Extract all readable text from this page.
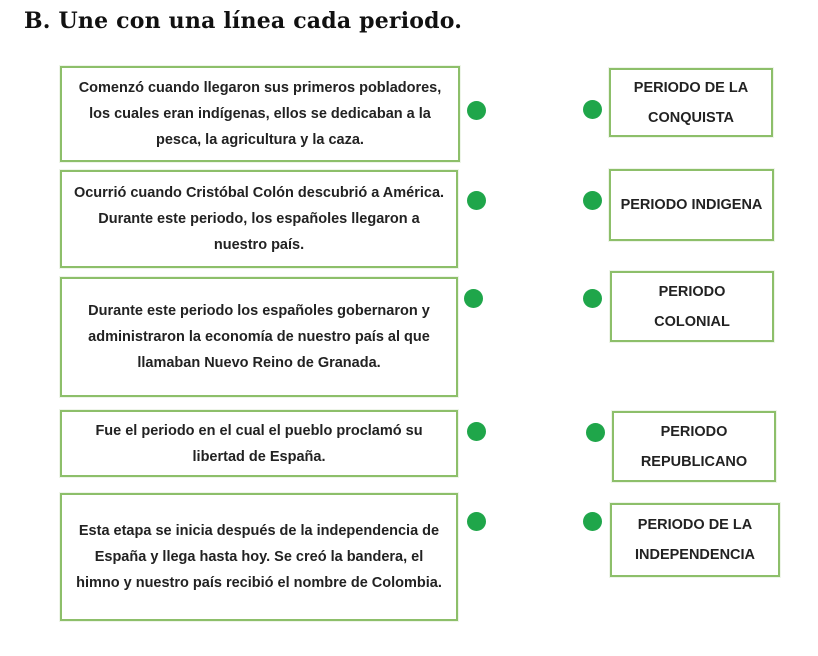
B. Une con una línea cada periodo.
Comenzó cuando llegaron sus primeros pobladores, los cuales eran indígenas, ellos se dedicaban a la pesca, la agricultura y la caza.
Ocurrió cuando Cristóbal Colón descubrió a América. Durante este periodo, los españoles llegaron a nuestro país.
Durante este periodo los españoles gobernaron y administraron la economía de nuestro país al que llamaban Nuevo Reino de Granada.
Fue el periodo en el cual el pueblo proclamó su libertad de España.
Esta etapa se inicia después de la independencia de España y llega hasta hoy. Se creó la bandera, el himno y nuestro país recibió el nombre de Colombia.
PERIODO DE LA CONQUISTA
PERIODO INDIGENA
PERIODO COLONIAL
PERIODO REPUBLICANO
PERIODO DE LA INDEPENDENCIA
